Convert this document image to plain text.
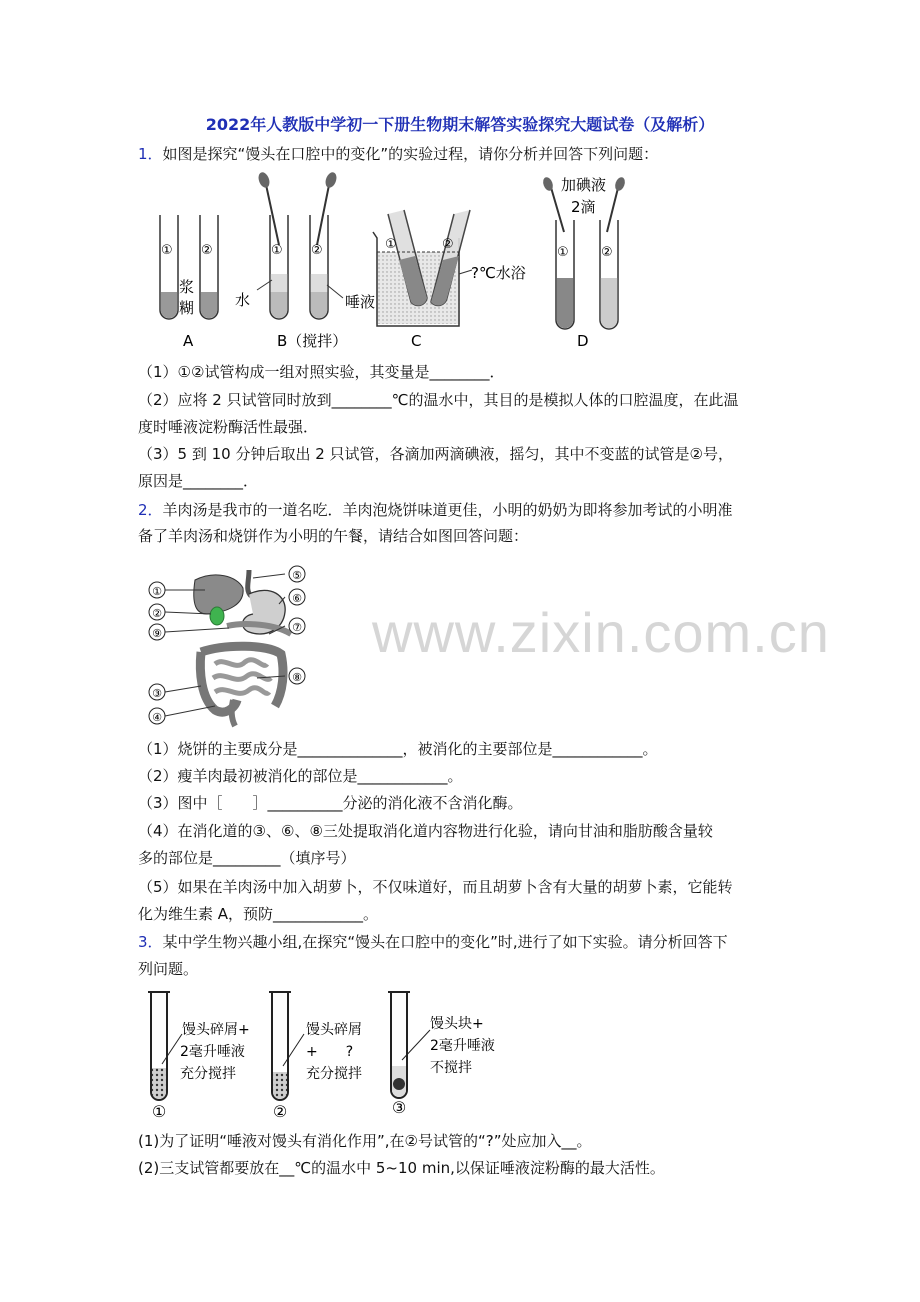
2022年人教版中学初一下册生物期末解答实验探究大题试卷（及解析）
1．如图是探究“馒头在口腔中的变化”的实验过程，请你分析并回答下列问题：
① ②
浆
糊
A
① ②
水	唾液
B（搅拌）
①	②
?℃水浴
C
① ②
加碘液
2滴
D
（1）①②试管构成一组对照实验，其变量是________．
（2）应将 2 只试管同时放到________℃的温水中，其目的是模拟人体的口腔温度，在此温
度时唾液淀粉酶活性最强．
（3）5 到 10 分钟后取出 2 只试管，各滴加两滴碘液，摇匀，其中不变蓝的试管是②号，
原因是________．
2．羊肉汤是我市的一道名吃．羊肉泡烧饼味道更佳，小明的奶奶为即将参加考试的小明准
备了羊肉汤和烧饼作为小明的午餐，请结合如图回答问题：
①
②
⑨
③
④
⑤
⑥
⑦
⑧
www.zixin.com.cn
（1）烧饼的主要成分是______________，被消化的主要部位是____________。
（2）瘦羊肉最初被消化的部位是____________。
（3）图中［　　］__________分泌的消化液不含消化酶。
（4）在消化道的③、⑥、⑧三处提取消化道内容物进行化验，请向甘油和脂肪酸含量较
多的部位是_________（填序号）
（5）如果在羊肉汤中加入胡萝卜，不仅味道好，而且胡萝卜含有大量的胡萝卜素，它能转
化为维生素 A，预防____________。
3．某中学生物兴趣小组,在探究“馒头在口腔中的变化”时,进行了如下实验。请分析回答下
列问题。
馒头碎屑+
2毫升唾液
充分搅拌
①
馒头碎屑
+　　?
充分搅拌
②
馒头块+
2毫升唾液
不搅拌
③
(1)为了证明“唾液对馒头有消化作用”,在②号试管的“?”处应加入__。
(2)三支试管都要放在__℃的温水中 5~10 min,以保证唾液淀粉酶的最大活性。
